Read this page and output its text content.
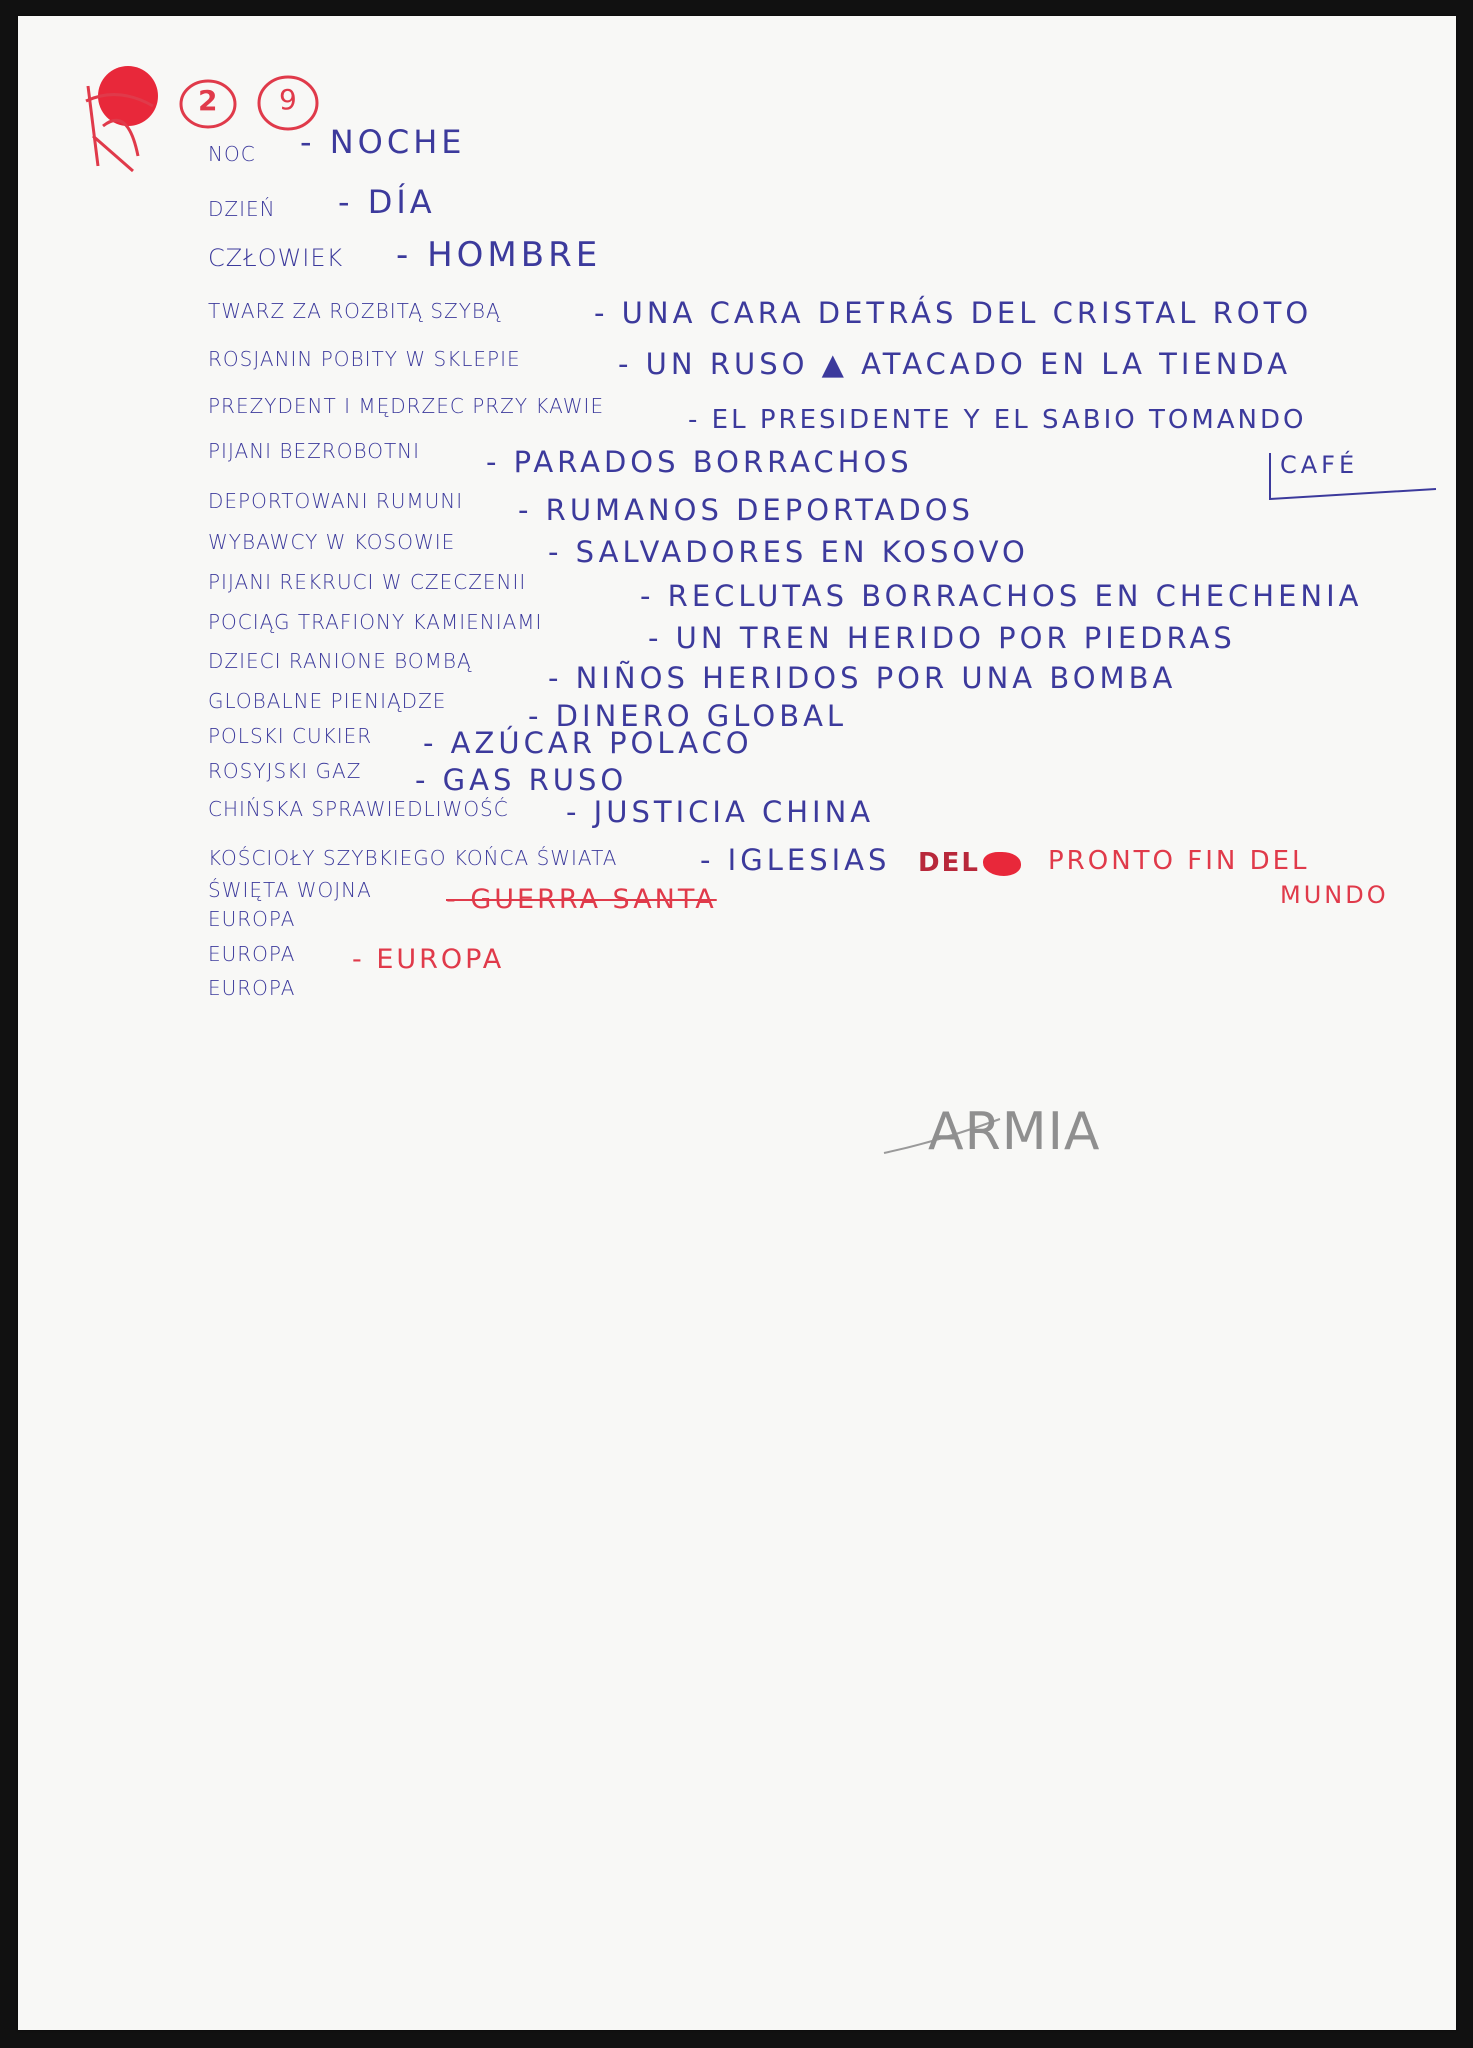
2 9
NOC - NOCHE
DZIEŃ - DÍA
CZŁOWIEK - HOMBRE
TWARZ ZA ROZBITĄ SZYBĄ	- UNA CARA DETRÁS DEL CRISTAL ROTO
ROSJANIN POBITY W SKLEPIE	- UN RUSO ▲ ATACADO EN LA TIENDA
PREZYDENT I MĘDRZEC PRZY KAWIE	- EL PRESIDENTE Y EL SABIO TOMANDO
PIJANI BEZROBOTNI - PARADOS BORRACHOS
DEPORTOWANI RUMUNI - RUMANOS DEPORTADOS
WYBAWCY W KOSOWIE	- SALVADORES EN KOSOVO
PIJANI REKRUCI W CZECZENII	- RECLUTAS BORRACHOS EN CHECHENIA
POCIĄG TRAFIONY KAMIENIAMI	- UN TREN HERIDO POR PIEDRAS
DZIECI RANIONE BOMBĄ	- NIÑOS HERIDOS POR UNA BOMBA
GLOBALNE PIENIĄDZE	- DINERO GLOBAL
POLSKI CUKIER - AZÚCAR POLACO
ROSYJSKI GAZ - GAS RUSO
CHIŃSKA SPRAWIEDLIWOŚĆ - JUSTICIA CHINA
KOŚCIOŁY SZYBKIEGO KOŃCA ŚWIATA	- IGLESIAS
ŚWIĘTA WOJNA	- GUERRA SANTA
EUROPA
EUROPA - EUROPA
EUROPA
CAFÉ
DEL	PRONTO FIN DEL
MUNDO
ARMIA
